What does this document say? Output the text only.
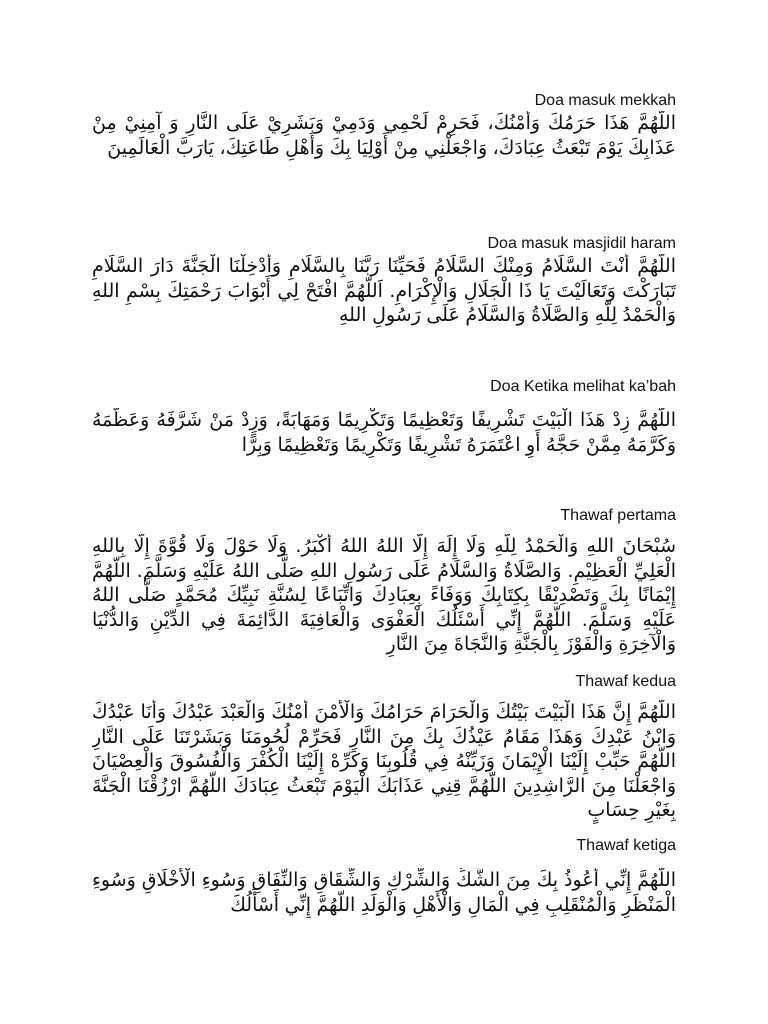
Doa masuk mekkah

اللّهُمَّ هَذَا حَرَمُكَ وَأَمْنُكَ، فَحَرِمْ لَحْمِي وَدَمِيْ وَبَشَرِيْ عَلَى النَّارِ وَ آمِنِيْ مِنْ عَذَابِكَ يَوْمَ تَبْعَثُ عِبَادَكَ، وَاجْعَلْنِي مِنْ أَوْلِيَا بِكَ وَأَهْلِ طَاعَتِكَ، يَارَبَّ الْعَالَمِينَ

Doa masuk masjidil haram

اللّهُمَّ أَنْتَ السَّلَامُ وَمِنْكَ السَّلَامُ فَحَيِّنَا رَبَّنَا بِالسَّلَامِ وَأَدْخِلْنَا الْجَنَّةَ دَارَ السَّلَامِ تَبَارَكْتَ وَتَعَالَيْتَ يَا ذَا الْجَلَالِ وَالْإِكْرَامِ. اَللّهُمَّ افْتَحْ لِي أَبْوَابَ رَحْمَتِكَ بِسْمِ اللهِ وَالْحَمْدُ لِلّهِ وَالصَّلَاةُ وَالسَّلَامُ عَلَى رَسُولِ اللهِ

Doa Ketika melihat ka’bah

اللّهُمَّ زِدْ هَذَا الْبَيْتَ تَشْرِيفًا وَتَعْظِيمًا وَتَكْرِيمًا وَمَهَابَةً، وَزِدْ مَنْ شَرَّفَهُ وَعَظَّمَهُ وَكَرَّمَهُ مِمَّنْ حَجَّهُ أَوِ اعْتَمَرَهُ تَشْرِيفًا وَتَكْرِيمًا وَتَعْظِيمًا وَبِرًّا

Thawaf pertama

سُبْحَانَ اللهِ وَالْحَمْدُ لِلّهِ وَلَا إِلَهَ إِلَّا اللهُ اللهُ أَكْبَرُ. وَلَا حَوْلَ وَلَا قُوَّةَ إِلَّا بِاللهِ الْعَلِيِّ الْعَظِيْمِ. وَالصَّلَاةُ وَالسَّلَامُ عَلَى رَسُولِ اللهِ صَلَّى اللهُ عَلَيْهِ وَسَلَّمَ. اللّهُمَّ إِيْمَانًا بِكَ وَتَصْدِيْقًا بِكِتَابِكَ وَوَفَاءً بِعِبَادِكَ وَاتِّبَاعًا لِسُنَّةِ نَبِيِّكَ مُحَمَّدٍ صَلَّى اللهُ عَلَيْهِ وَسَلَّمَ. اللّهُمَّ إِنِّي أَسْئَلُكَ الْعَفْوَى وَالْعَافِيَةَ الدَّائِمَةَ فِي الدِّيْنِ وَالدُّنْيَا وَالْآخِرَةِ وَالْفَوْزَ بِالْجَنَّةِ وَالنَّجَاةَ مِنَ النَّارِ

Thawaf kedua

اللّهُمَّ إِنَّ هَذَا الْبَيْتَ بَيْتُكَ وَالْحَرَامَ حَرَامُكَ وَالْأَمْنَ أَمْنُكَ وَالْعَبْدَ عَبْدُكَ وَأَنَا عَبْدُكَ وَابْنُ عَبْدِكَ وَهَذَا مَقَامُ عَيْذُكَ بِكَ مِنَ النَّارِ فَحَرِّمْ لُحُومَنَا وَبَشَرْتَنَا عَلَى النَّارِ اللّهُمَّ حَبِّبْ إِلَيْنَا الْإِيْمَانَ وَزَيِّنْهُ فِي قُلُوبِنَا وَكَرِّهْ إِلَيْنَا الْكُفْرَ وَالْفُسُوقَ وَالْعِصْيَانَ وَاجْعَلْنَا مِنَ الرَّاشِدِينَ اللّهُمَّ قِنِي عَذَابَكَ الْيَوْمَ تَبْعَثُ عِبَادَكَ اللّهُمَّ ارْزُقْنَا الْجَنَّةَ بِغَيْرِ حِسَابٍ

Thawaf ketiga

اللّهُمَّ إِنِّي أَعُوذُ بِكَ مِنَ الشَّكِّ وَالشِّرْكِ وَالشِّقَاقِ وَالنِّفَاقِ وَسُوءِ الْأَخْلَاقِ وَسُوءِ الْمَنْظَرِ وَالْمُنْقَلِبِ فِي الْمَالِ وَالْأَهْلِ وَالْوَلَدِ اللّهُمَّ إِنِّي أَسْأَلُكَ
